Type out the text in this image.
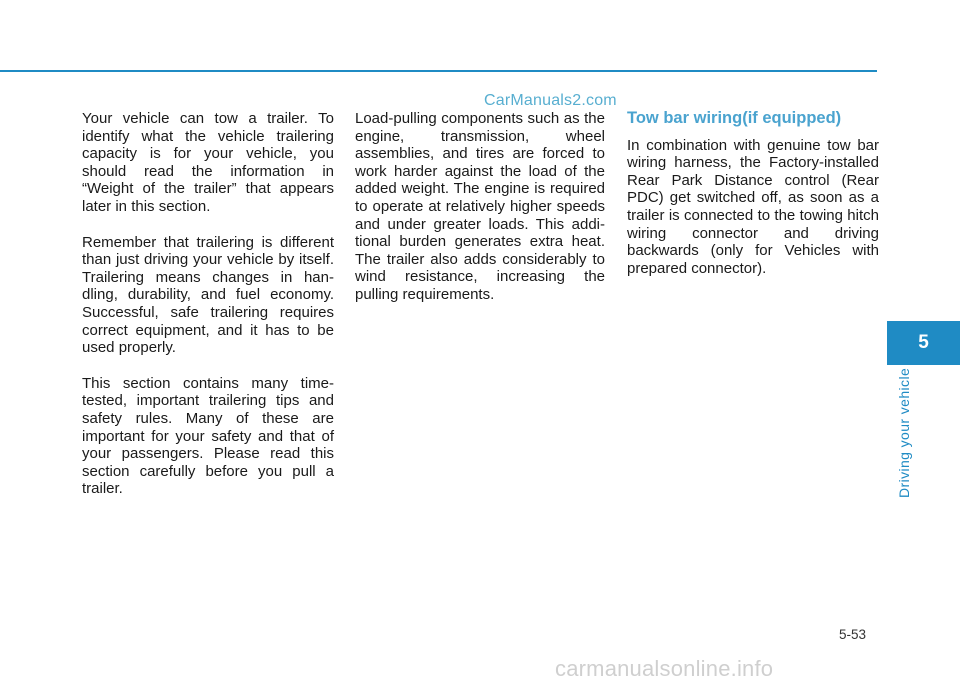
CarManuals2.com

Your vehicle can tow a trailer. To identify what the vehicle trailering capacity is for your vehicle, you should read the information in “Weight of the trailer” that appears later in this section.

Remember that trailering is different than just driving your vehicle by itself. Trailering means changes in handling, durability, and fuel economy. Successful, safe trailering requires correct equipment, and it has to be used properly.

This section contains many time-tested, important trailering tips and safety rules. Many of these are important for your safety and that of your passengers. Please read this section carefully before you pull a trailer.

Load-pulling components such as the engine, transmission, wheel assemblies, and tires are forced to work harder against the load of the added weight. The engine is required to operate at relatively higher speeds and under greater loads. This additional burden generates extra heat. The trailer also adds considerably to wind resistance, increasing the pulling requirements.

Tow bar wiring(if equipped)

In combination with genuine tow bar wiring harness, the Factory-installed Rear Park Distance control (Rear PDC) get switched off, as soon as a trailer is connected to the towing hitch wiring connector and driving backwards (only for Vehicles with prepared connector).

5
Driving your vehicle
5-53
carmanualsonline.info
